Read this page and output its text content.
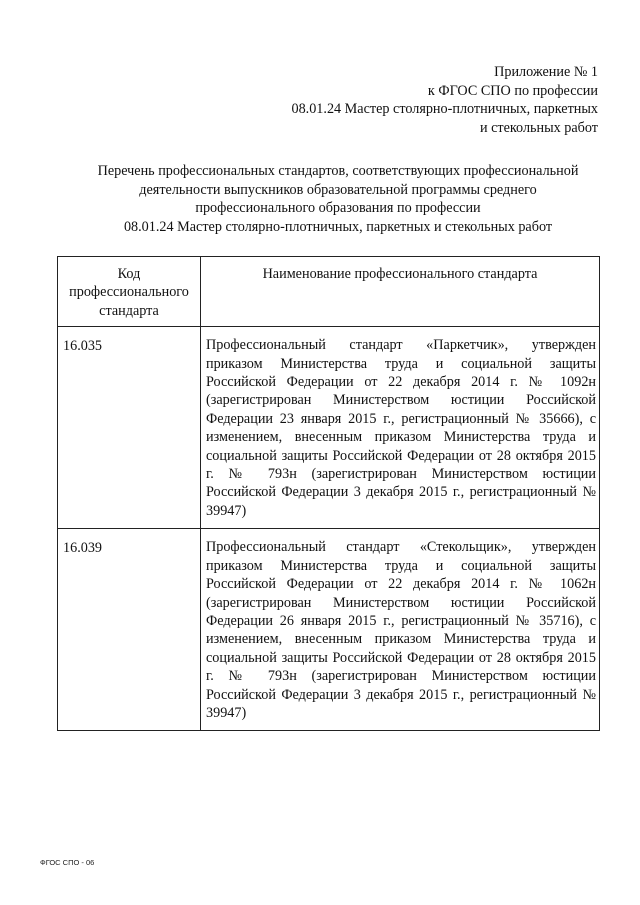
Приложение № 1
к ФГОС СПО по профессии
08.01.24 Мастер столярно-плотничных, паркетных
и стекольных работ
Перечень профессиональных стандартов, соответствующих профессиональной
деятельности выпускников образовательной программы среднего
профессионального образования по профессии
08.01.24 Мастер столярно-плотничных, паркетных и стекольных работ
Код профессионального стандарта	Наименование профессионального стандарта
16.035	Профессиональный стандарт «Паркетчик», утвержден приказом Министерства труда и социальной защиты Российской Федерации от 22 декабря 2014 г. № 1092н (зарегистрирован Министерством юстиции Российской Федерации 23 января 2015 г., регистрационный № 35666), с изменением, внесенным приказом Министерства труда и социальной защиты Российской Федерации от 28 октября 2015 г. № 793н (зарегистрирован Министерством юстиции Российской Федерации 3 декабря 2015 г., регистрационный № 39947)
16.039	Профессиональный стандарт «Стекольщик», утвержден приказом Министерства труда и социальной защиты Российской Федерации от 22 декабря 2014 г. № 1062н (зарегистрирован Министерством юстиции Российской Федерации 26 января 2015 г., регистрационный № 35716), с изменением, внесенным приказом Министерства труда и социальной защиты Российской Федерации от 28 октября 2015 г. № 793н (зарегистрирован Министерством юстиции Российской Федерации 3 декабря 2015 г., регистрационный № 39947)
ФГОС СПО - 06
